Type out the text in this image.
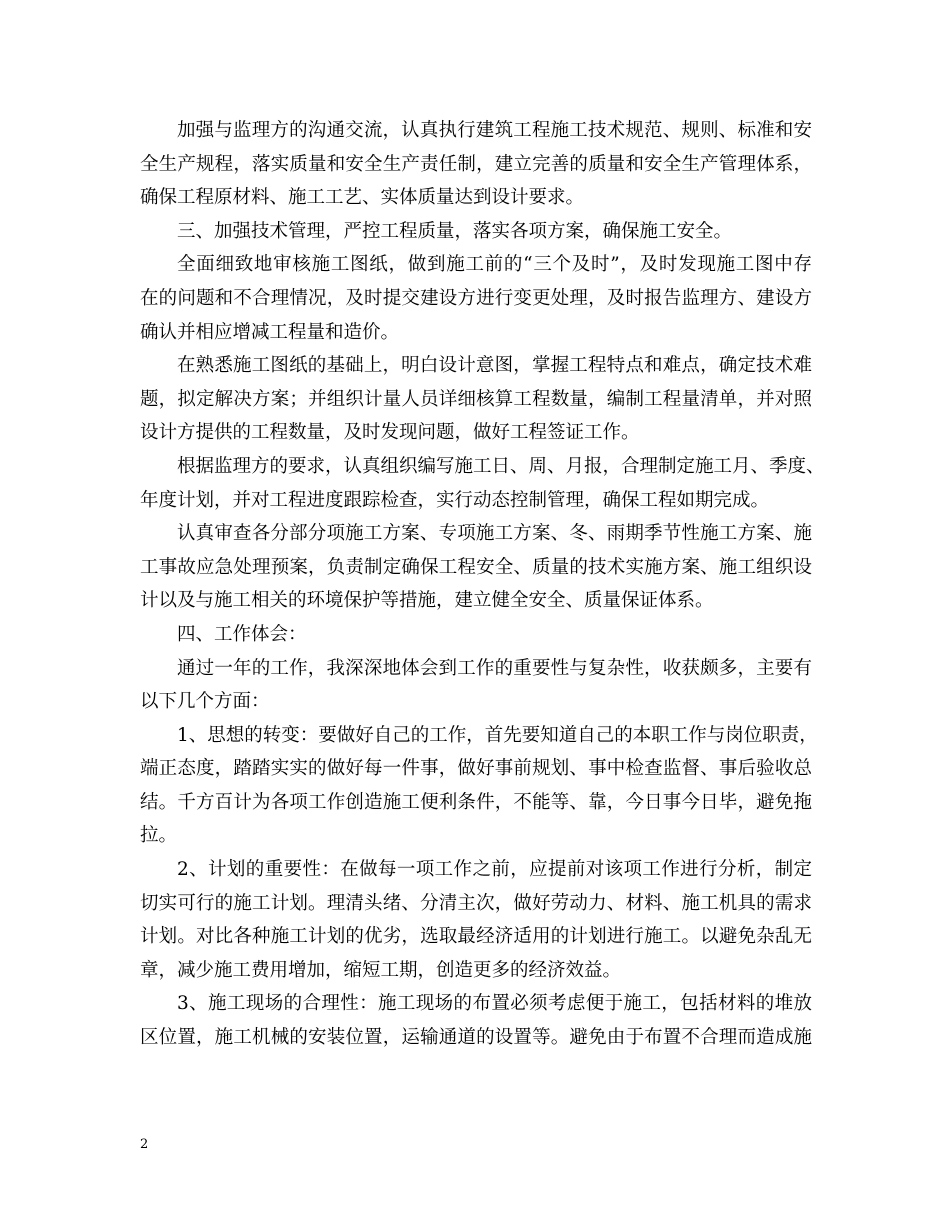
加强与监理方的沟通交流，认真执行建筑工程施工技术规范、规则、标准和安
全生产规程，落实质量和安全生产责任制，建立完善的质量和安全生产管理体系，
确保工程原材料、施工工艺、实体质量达到设计要求。
三、加强技术管理，严控工程质量，落实各项方案，确保施工安全。
全面细致地审核施工图纸，做到施工前的“三个及时”，及时发现施工图中存
在的问题和不合理情况，及时提交建设方进行变更处理，及时报告监理方、建设方
确认并相应增减工程量和造价。
在熟悉施工图纸的基础上，明白设计意图，掌握工程特点和难点，确定技术难
题，拟定解决方案；并组织计量人员详细核算工程数量，编制工程量清单，并对照
设计方提供的工程数量，及时发现问题，做好工程签证工作。
根据监理方的要求，认真组织编写施工日、周、月报，合理制定施工月、季度、
年度计划，并对工程进度跟踪检查，实行动态控制管理，确保工程如期完成。
认真审查各分部分项施工方案、专项施工方案、冬、雨期季节性施工方案、施
工事故应急处理预案，负责制定确保工程安全、质量的技术实施方案、施工组织设
计以及与施工相关的环境保护等措施，建立健全安全、质量保证体系。
四、工作体会：
通过一年的工作，我深深地体会到工作的重要性与复杂性，收获颇多，主要有
以下几个方面：
1、思想的转变：要做好自己的工作，首先要知道自己的本职工作与岗位职责，
端正态度，踏踏实实的做好每一件事，做好事前规划、事中检查监督、事后验收总
结。千方百计为各项工作创造施工便利条件，不能等、靠，今日事今日毕，避免拖
拉。
2、计划的重要性：在做每一项工作之前，应提前对该项工作进行分析，制定
切实可行的施工计划。理清头绪、分清主次，做好劳动力、材料、施工机具的需求
计划。对比各种施工计划的优劣，选取最经济适用的计划进行施工。以避免杂乱无
章，减少施工费用增加，缩短工期，创造更多的经济效益。
3、施工现场的合理性：施工现场的布置必须考虑便于施工，包括材料的堆放
区位置，施工机械的安装位置，运输通道的设置等。避免由于布置不合理而造成施
2
